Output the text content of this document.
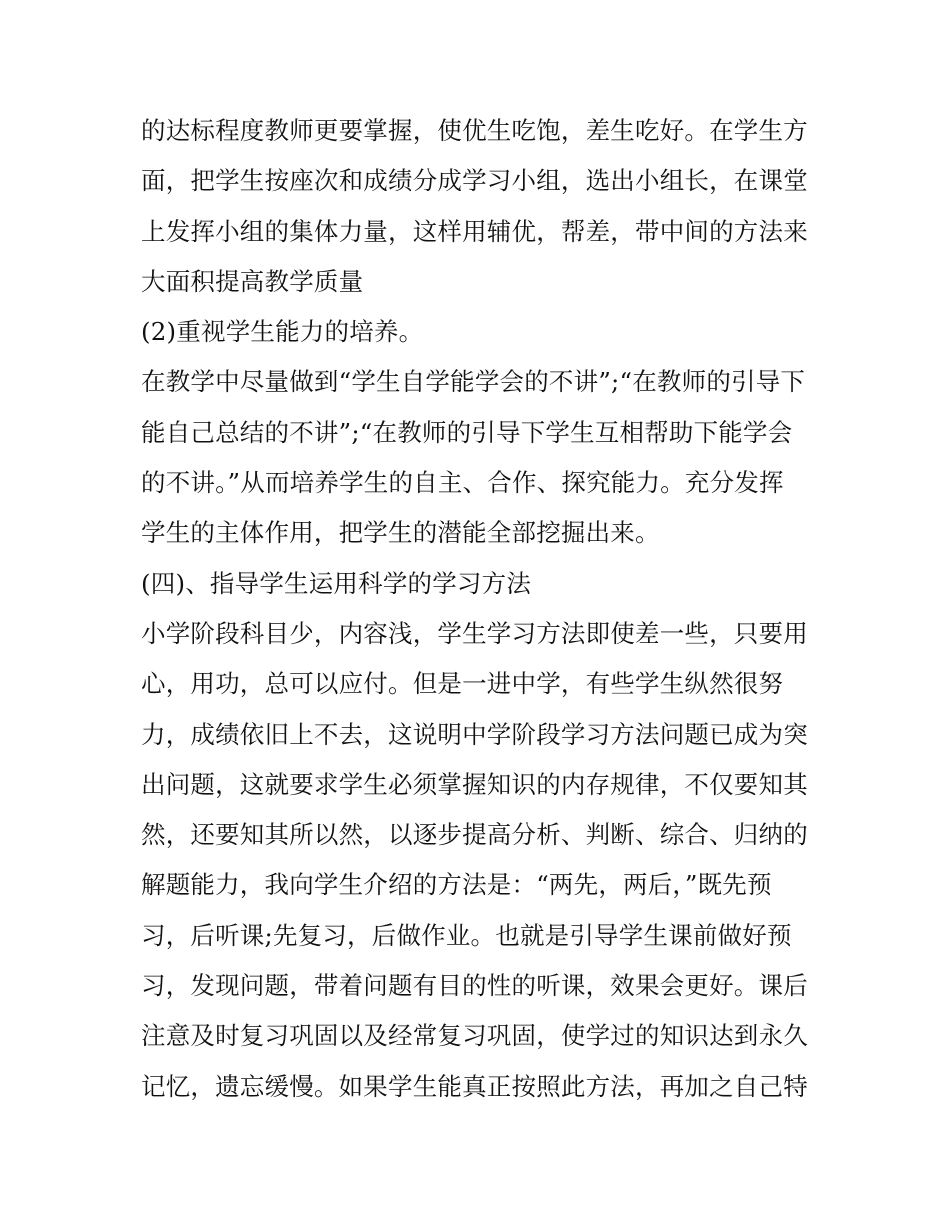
的达标程度教师更要掌握，使优生吃饱，差生吃好。在学生方
面，把学生按座次和成绩分成学习小组，选出小组长，在课堂
上发挥小组的集体力量，这样用辅优，帮差，带中间的方法来
大面积提高教学质量
(2)重视学生能力的培养。
在教学中尽量做到“学生自学能学会的不讲”;“在教师的引导下
能自己总结的不讲”;“在教师的引导下学生互相帮助下能学会
的不讲。”从而培养学生的自主、合作、探究能力。充分发挥
学生的主体作用，把学生的潜能全部挖掘出来。
(四)、指导学生运用科学的学习方法
小学阶段科目少，内容浅，学生学习方法即使差一些，只要用
心，用功，总可以应付。但是一进中学，有些学生纵然很努
力，成绩依旧上不去，这说明中学阶段学习方法问题已成为突
出问题，这就要求学生必须掌握知识的内存规律，不仅要知其
然，还要知其所以然，以逐步提高分析、判断、综合、归纳的
解题能力，我向学生介绍的方法是：“两先，两后，”既先预
习，后听课;先复习，后做作业。也就是引导学生课前做好预
习，发现问题，带着问题有目的性的听课，效果会更好。课后
注意及时复习巩固以及经常复习巩固，使学过的知识达到永久
记忆，遗忘缓慢。如果学生能真正按照此方法，再加之自己特
